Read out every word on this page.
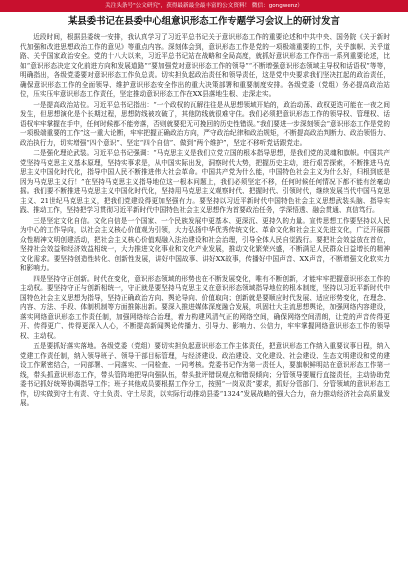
关注头条号"公文研究"，获得最新最全最丰富的公文资料！ 微信：gongwenz）
某县委书记在县委中心组意识形态工作专题学习会议上的研讨发言

近段时间，根据县委统一安排，我认真学习了习近平总书记关于意识形态工作的重要论述和中共中央、国务院《关于新时代加强和改进思想政治工作的意见》等重点内容。深刻体会到，意识形态工作是党的一项极端重要的工作，关乎旗帜、关乎道路、关乎国家政治安全。党的十八大以来，习近平总书记站在战略和全局高度，就抓好意识形态工作作出一系列重要论述，比如“意识形态决定文化前进方向和发展道路”“要加强党对意识形态工作的领导”“不断增强意识形态领域主导权和话语权”等等，明确指出，各级党委要对意识形态工作负总责。切实担负起政治责任和领导责任，这是党中央要求我们坚决扛起的政治责任，确保意识形态工作的全面领导、维护意识形态安全作出的重大决策部署和重要制度安排。各级党委（党组）务必提高政治站位，压实压牢意识形态工作责任，坚定推动意识形态工作在XX县落地生根、走深走实。

一是提高政治站位。习近平总书记指出：“一个政权的瓦解往往是从思想领域开始的，政治动荡、政权更迭可能在一夜之间发生，但思想演化是个长期过程，思想防线被攻破了，其他防线就很难守住。我们必须把意识形态工作的领导权、管理权、话语权牢牢掌握在手中，任何时候都不能旁落，否则就要犯无可挽回的历史性错误。”我们要进一步深刻领会“意识形态工作是党的一项极端重要的工作”这一重大论断，牢牢把握正确政治方向，严守政治纪律和政治规矩，不断提高政治判断力、政治领悟力、政治执行力，切实增强“四个意识”、坚定“四个自信”、做到“两个维护”，坚定不移听党话跟党走。

二是强化理论武装。习近平总书记强调：“马克思主义是我们立党立国的根本指导思想，是我们党的灵魂和旗帜。中国共产党坚持马克思主义基本原理，坚持实事求是，从中国实际出发，洞察时代大势，把握历史主动，进行艰苦探索，不断推进马克思主义中国化时代化，指导中国人民不断推进伟大社会革命。中国共产党为什么能，中国特色社会主义为什么好，归根到底是因为马克思主义行！”在坚持马克思主义指导地位这一根本问题上，我们必须坚定不移，任何时候任何情况下都不能有丝毫动摇。我们要不断推进马克思主义中国化时代化，坚持用马克思主义观察时代、把握时代、引领时代，继续发展当代中国马克思主义、21世纪马克思主义，把我们党建设得更加坚强有力。要坚持以习近平新时代中国特色社会主义思想武装头脑、指导实践、推动工作，坚持把学习贯彻习近平新时代中国特色社会主义思想作为首要政治任务，学深悟透、融会贯通、真信笃行。

三是坚定文化自信。文化自信是一个国家、一个民族发展中更基本、更深沉、更持久的力量。宣传思想工作要坚持以人民为中心的工作导向，以社会主义核心价值观为引领，大力弘扬中华优秀传统文化、革命文化和社会主义先进文化，广泛开展群众性精神文明创建活动，把社会主义核心价值观融入法治建设和社会治理，引导全体人民自觉践行。要把社会效益放在首位，坚持社会效益和经济效益相统一，大力推进文化事业和文化产业发展，推动文化繁荣兴盛，不断满足人民群众日益增长的精神文化需求。要坚持创造性转化、创新性发展，讲好中国故事、讲好XX故事，传播好中国声音、XX声音，不断增强文化软实力和影响力。

四是坚持守正创新。时代在变化，意识形态领域的形势也在不断发展变化，唯有不断创新，才能牢牢把握意识形态工作的主动权。要坚持守正与创新相统一，守正就是要坚持马克思主义在意识形态领域指导地位的根本制度，坚持以习近平新时代中国特色社会主义思想为指导，坚持正确政治方向、舆论导向、价值取向；创新就是要顺应时代发展、适应形势变化，在理念、内容、方法、手段、体制机制等方面推陈出新。要深入推进媒体深度融合发展，巩固壮大主流思想舆论，加强网络内容建设，落实网络意识形态工作责任制，加强网络综合治理，着力构建风清气正的网络空间，确保网络空间清朗，让党的声音传得更开、传得更广、传得更深入人心，不断提高新闻舆论传播力、引导力、影响力、公信力，牢牢掌握网络意识形态工作的领导权、主动权。

五是要抓好落实落地。各级党委（党组）要切实担负起意识形态工作主体责任，把意识形态工作纳入重要议事日程，纳入党建工作责任制，纳入领导班子、领导干部目标管理，与经济建设、政治建设、文化建设、社会建设、生态文明建设和党的建设工作紧密结合，一同部署、一同落实、一同检查、一同考核。党委书记作为第一责任人，要旗帜鲜明站在意识形态工作第一线，带头抓意识形态工作，带头管阵地把导向强队伍，带头批评错误观点和错误倾向；分管领导要履行直接责任，主动协助党委书记抓好统筹协调指导工作；班子其他成员要根据工作分工，按照“一岗双责”要求，抓好分管部门、分管领域的意识形态工作，切实做到守土有责、守土负责、守土尽责，以实际行动推动县委“1324”发展战略的强大合力，奋力推动经济社会高质量发展。
